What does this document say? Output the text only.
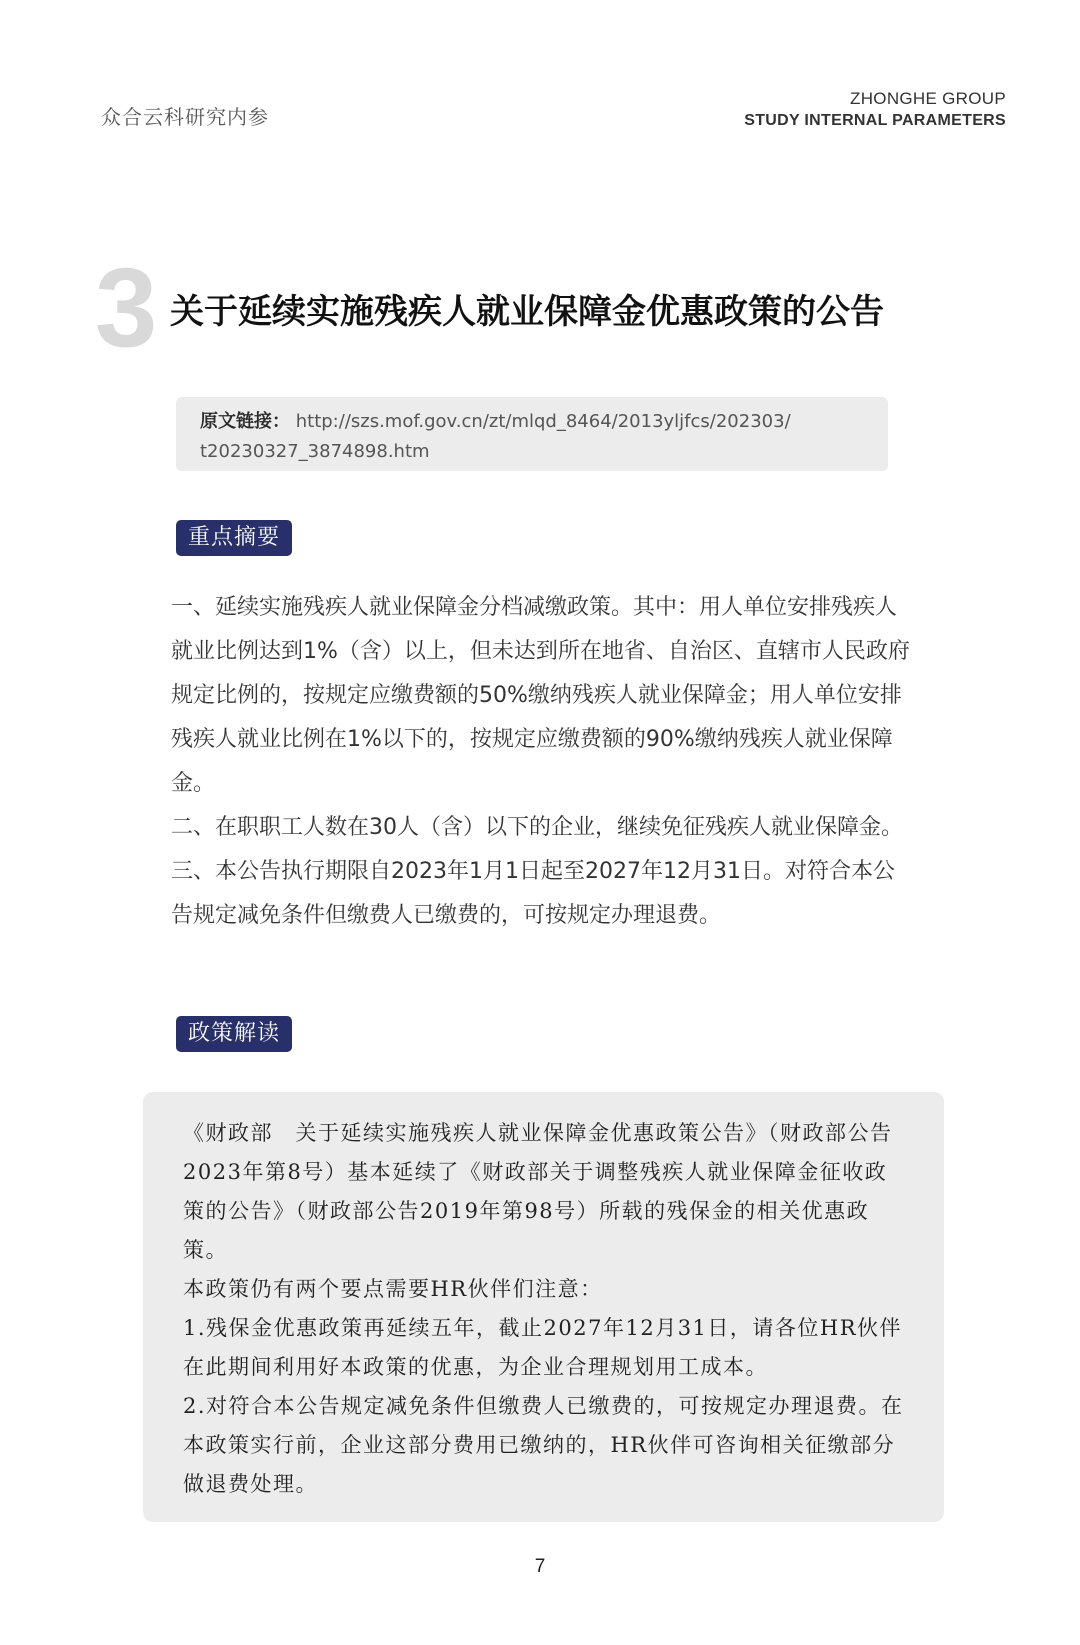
众合云科研究内参
ZHONGHE GROUP
STUDY INTERNAL PARAMETERS
3 关于延续实施残疾人就业保障金优惠政策的公告
原文链接： http://szs.mof.gov.cn/zt/mlqd_8464/2013yljfcs/202303/
t20230327_3874898.htm
重点摘要

一、延续实施残疾人就业保障金分档减缴政策。其中：用人单位安排残疾人就业比例达到1%（含）以上，但未达到所在地省、自治区、直辖市人民政府规定比例的，按规定应缴费额的50%缴纳残疾人就业保障金；用人单位安排残疾人就业比例在1%以下的，按规定应缴费额的90%缴纳残疾人就业保障金。

二、在职职工人数在30人（含）以下的企业，继续免征残疾人就业保障金。

三、本公告执行期限自2023年1月1日起至2027年12月31日。对符合本公告规定减免条件但缴费人已缴费的，可按规定办理退费。

政策解读

《财政部　关于延续实施残疾人就业保障金优惠政策公告》（财政部公告2023年第8号）基本延续了《财政部关于调整残疾人就业保障金征收政策的公告》（财政部公告2019年第98号）所载的残保金的相关优惠政策。

本政策仍有两个要点需要HR伙伴们注意：

1.残保金优惠政策再延续五年，截止2027年12月31日，请各位HR伙伴在此期间利用好本政策的优惠，为企业合理规划用工成本。

2.对符合本公告规定减免条件但缴费人已缴费的，可按规定办理退费。在本政策实行前，企业这部分费用已缴纳的，HR伙伴可咨询相关征缴部分做退费处理。

7
